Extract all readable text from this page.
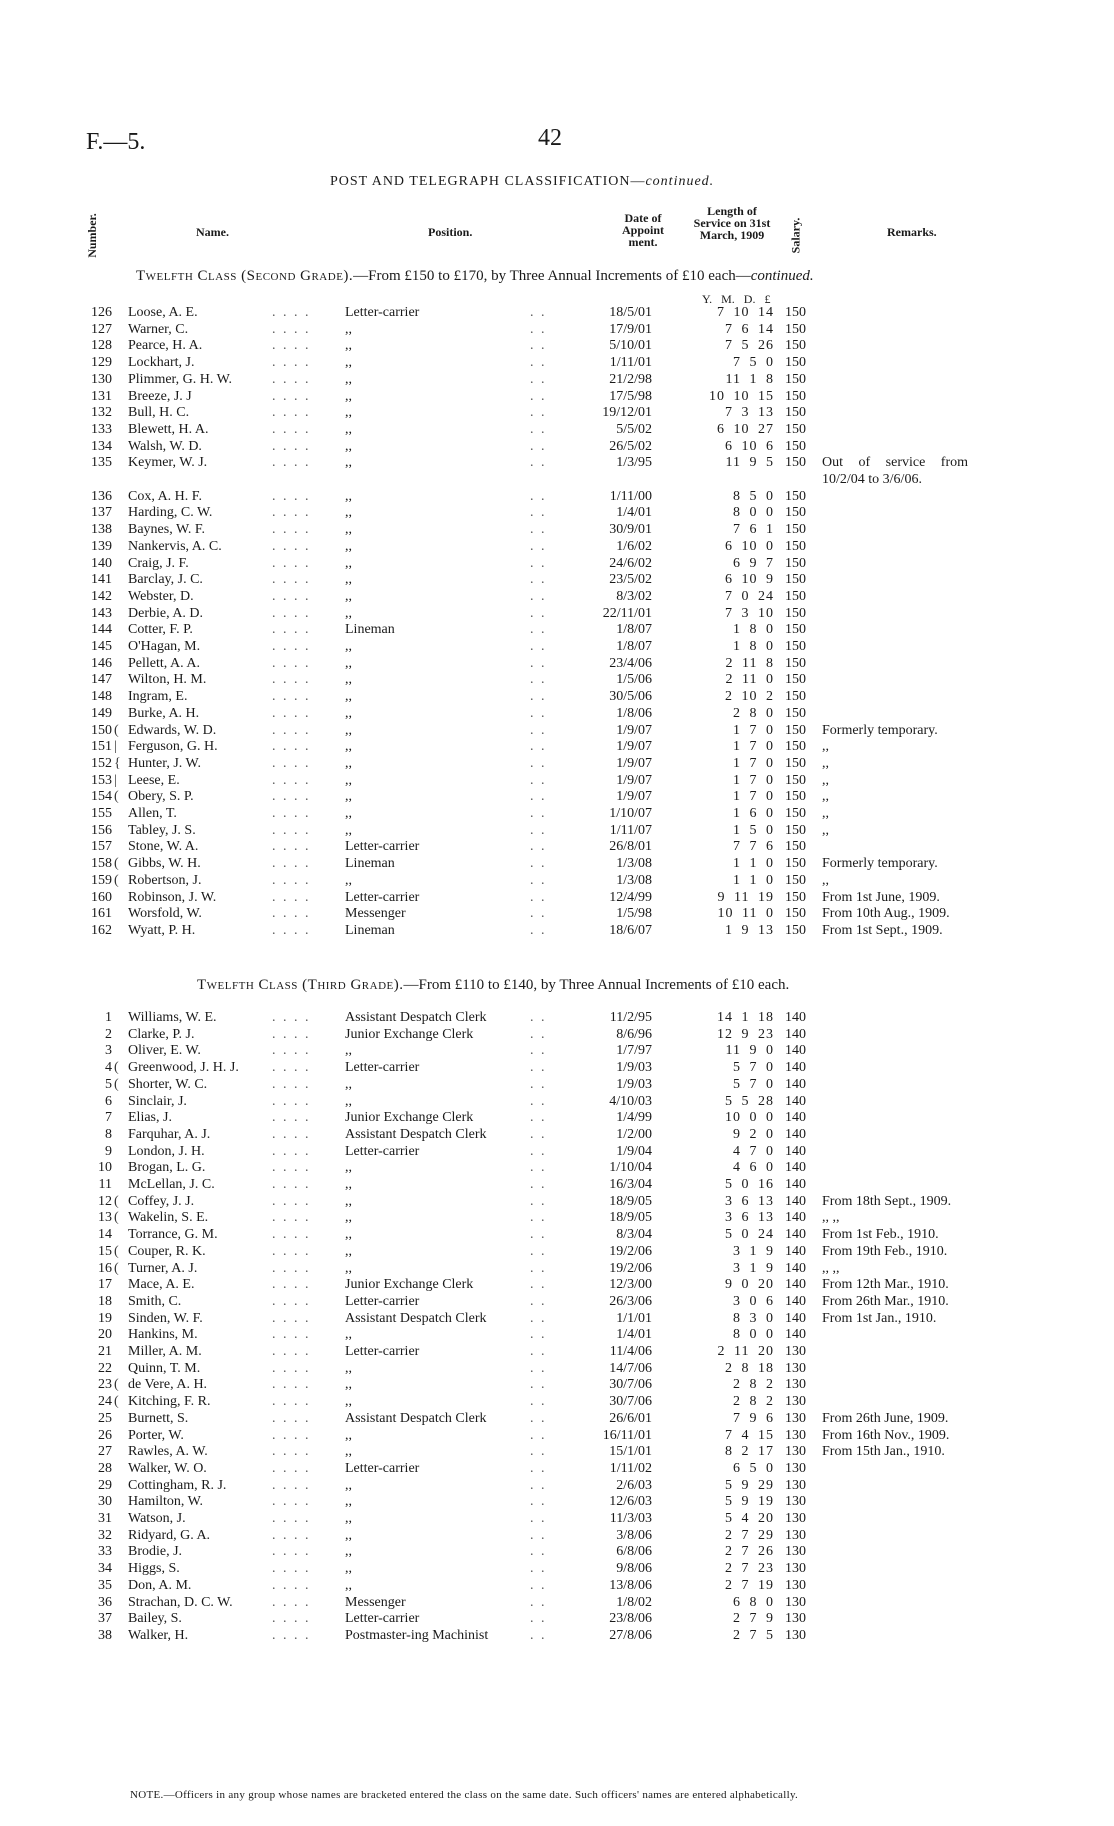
F.—5.	42
POST AND TELEGRAPH CLASSIFICATION—continued.
Number.	Name.	Position.
Date of Appoint ment.
Length of Service on 31st March, 1909	Salary.	Remarks.
Twelfth Class (Second Grade).—From £150 to £170, by Three Annual Increments of £10 each—continued.
Y. M. D. £
126 Loose, A. E.	. . . . Letter-carrier	. .	18/5/01	7 10 14 150
127 Warner, C.	. . . . ,,	. .	17/9/01	7 6 14 150
128 Pearce, H. A.	. . . . ,,	. .	5/10/01	7 5 26 150
129 Lockhart, J.	. . . . ,,	. .	1/11/01	7 5 0 150
130 Plimmer, G. H. W.	. . . . ,,	. .	21/2/98	11 1 8 150
131 Breeze, J. J	. . . . ,,	. .	17/5/98	10 10 15 150
132 Bull, H. C.	. . . . ,,	. .	19/12/01	7 3 13 150
133 Blewett, H. A.	. . . . ,,	. .	5/5/02	6 10 27 150
134 Walsh, W. D.	. . . . ,,	. .	26/5/02	6 10 6 150
135 Keymer, W. J.	. . . . ,,	. .	1/3/95	11 9 5 150 Out of service from
10/2/04 to 3/6/06.
136 Cox, A. H. F.	. . . . ,,	. .	1/11/00	8 5 0 150
137 Harding, C. W.	. . . . ,,	. .	1/4/01	8 0 0 150
138 Baynes, W. F.	. . . . ,,	. .	30/9/01	7 6 1 150
139 Nankervis, A. C.	. . . . ,,	. .	1/6/02	6 10 0 150
140 Craig, J. F.	. . . . ,,	. .	24/6/02	6 9 7 150
141 Barclay, J. C.	. . . . ,,	. .	23/5/02	6 10 9 150
142 Webster, D.	. . . . ,,	. .	8/3/02	7 0 24 150
143 Derbie, A. D.	. . . . ,,	. .	22/11/01	7 3 10 150
144 Cotter, F. P.	. . . . Lineman	. .	1/8/07	1 8 0 150
145 O'Hagan, M.	. . . . ,,	. .	1/8/07	1 8 0 150
146 Pellett, A. A.	. . . . ,,	. .	23/4/06	2 11 8 150
147 Wilton, H. M.	. . . . ,,	. .	1/5/06	2 11 0 150
148 Ingram, E.	. . . . ,,	. .	30/5/06	2 10 2 150
149 Burke, A. H.	. . . . ,,	. .	1/8/06	2 8 0 150
150 ( Edwards, W. D.	. . . . ,,	. .	1/9/07	1 7 0 150 Formerly temporary.
151 | Ferguson, G. H.	. . . . ,,	. .	1/9/07	1 7 0 150 ,,
152 { Hunter, J. W.	. . . . ,,	. .	1/9/07	1 7 0 150 ,,
153 | Leese, E.	. . . . ,,	. .	1/9/07	1 7 0 150 ,,
154 ( Obery, S. P.	. . . . ,,	. .	1/9/07	1 7 0 150 ,,
155 Allen, T.	. . . . ,,	. .	1/10/07	1 6 0 150 ,,
156 Tabley, J. S.	. . . . ,,	. .	1/11/07	1 5 0 150 ,,
157 Stone, W. A.	. . . . Letter-carrier	. .	26/8/01	7 7 6 150
158 ( Gibbs, W. H.	. . . . Lineman	. .	1/3/08	1 1 0 150 Formerly temporary.
159 ( Robertson, J.	. . . . ,,	. .	1/3/08	1 1 0 150 ,,
160 Robinson, J. W.	. . . . Letter-carrier	. .	12/4/99	9 11 19 150 From 1st June, 1909.
161 Worsfold, W.	. . . . Messenger	. .	1/5/98	10 11 0 150 From 10th Aug., 1909.
162 Wyatt, P. H.	. . . . Lineman	. .	18/6/07	1 9 13 150 From 1st Sept., 1909.
Twelfth Class (Third Grade).—From £110 to £140, by Three Annual Increments of £10 each.
1 Williams, W. E.	. . . . Assistant Despatch Clerk	. .	11/2/95	14 1 18 140
2 Clarke, P. J.	. . . . Junior Exchange Clerk	. .	8/6/96	12 9 23 140
3 Oliver, E. W.	. . . . ,,	. .	1/7/97	11 9 0 140
4 ( Greenwood, J. H. J. . . . . Letter-carrier	. .	1/9/03	5 7 0 140
5 ( Shorter, W. C.	. . . . ,,	. .	1/9/03	5 7 0 140
6 Sinclair, J.	. . . . ,,	. .	4/10/03	5 5 28 140
7 Elias, J.	. . . . Junior Exchange Clerk	. .	1/4/99	10 0 0 140
8 Farquhar, A. J.	. . . . Assistant Despatch Clerk	. .	1/2/00	9 2 0 140
9 London, J. H.	. . . . Letter-carrier	. .	1/9/04	4 7 0 140
10 Brogan, L. G.	. . . . ,,	. .	1/10/04	4 6 0 140
11 McLellan, J. C.	. . . . ,,	. .	16/3/04	5 0 16 140
12 ( Coffey, J. J.	. . . . ,,	. .	18/9/05	3 6 13 140 From 18th Sept., 1909.
13 ( Wakelin, S. E.	. . . . ,,	. .	18/9/05	3 6 13 140 ,, ,,
14 Torrance, G. M.	. . . . ,,	. .	8/3/04	5 0 24 140 From 1st Feb., 1910.
15 ( Couper, R. K.	. . . . ,,	. .	19/2/06	3 1 9 140 From 19th Feb., 1910.
16 ( Turner, A. J.	. . . . ,,	. .	19/2/06	3 1 9 140 ,, ,,
17 Mace, A. E.	. . . . Junior Exchange Clerk	. .	12/3/00	9 0 20 140 From 12th Mar., 1910.
18 Smith, C.	. . . . Letter-carrier	. .	26/3/06	3 0 6 140 From 26th Mar., 1910.
19 Sinden, W. F.	. . . . Assistant Despatch Clerk	. .	1/1/01	8 3 0 140 From 1st Jan., 1910.
20 Hankins, M.	. . . . ,,	. .	1/4/01	8 0 0 140
21 Miller, A. M.	. . . . Letter-carrier	. .	11/4/06	2 11 20 130
22 Quinn, T. M.	. . . . ,,	. .	14/7/06	2 8 18 130
23 ( de Vere, A. H.	. . . . ,,	. .	30/7/06	2 8 2 130
24 ( Kitching, F. R.	. . . . ,,	. .	30/7/06	2 8 2 130
25 Burnett, S.	. . . . Assistant Despatch Clerk	. .	26/6/01	7 9 6 130 From 26th June, 1909.
26 Porter, W.	. . . . ,,	. .	16/11/01	7 4 15 130 From 16th Nov., 1909.
27 Rawles, A. W.	. . . . ,,	. .	15/1/01	8 2 17 130 From 15th Jan., 1910.
28 Walker, W. O.	. . . . Letter-carrier	. .	1/11/02	6 5 0 130
29 Cottingham, R. J.	. . . . ,,	. .	2/6/03	5 9 29 130
30 Hamilton, W.	. . . . ,,	. .	12/6/03	5 9 19 130
31 Watson, J.	. . . . ,,	. .	11/3/03	5 4 20 130
32 Ridyard, G. A.	. . . . ,,	. .	3/8/06	2 7 29 130
33 Brodie, J.	. . . . ,,	. .	6/8/06	2 7 26 130
34 Higgs, S.	. . . . ,,	. .	9/8/06	2 7 23 130
35 Don, A. M.	. . . . ,,	. .	13/8/06	2 7 19 130
36 Strachan, D. C. W.	. . . . Messenger	. .	1/8/02	6 8 0 130
37 Bailey, S.	. . . . Letter-carrier	. .	23/8/06	2 7 9 130
38 Walker, H.	. . . . Postmaster-ing Machinist	. .	27/8/06	2 7 5 130
NOTE.—Officers in any group whose names are bracketed entered the class on the same date. Such officers' names are entered alphabetically.
